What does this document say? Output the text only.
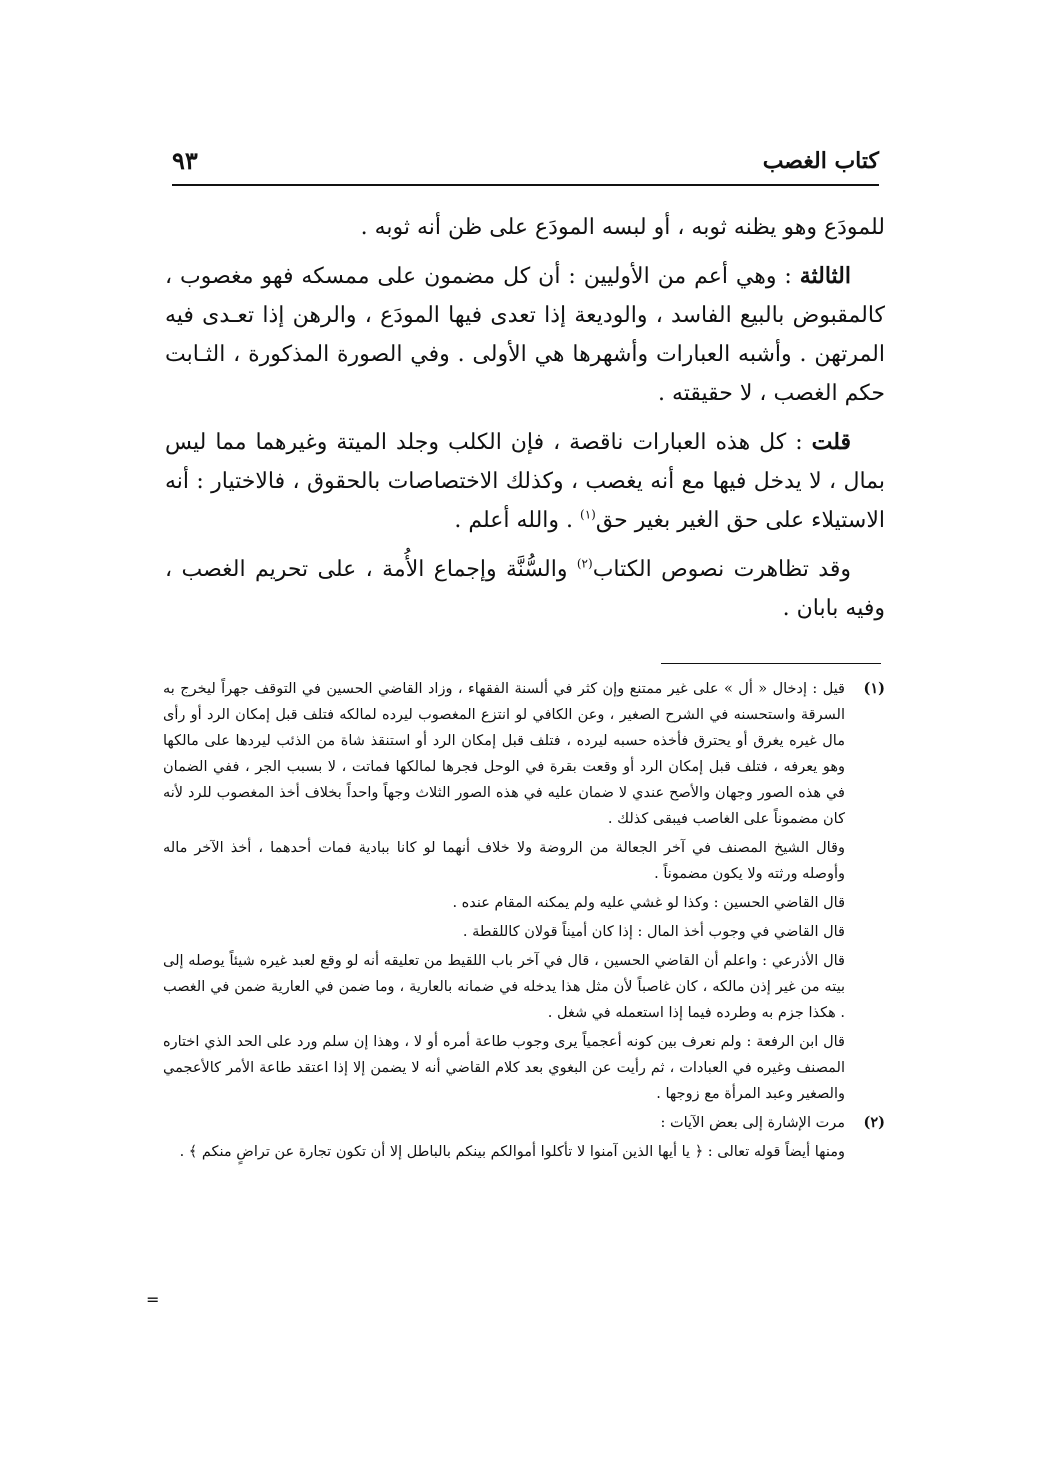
كتاب الغصب
٩٣

للمودَع وهو يظنه ثوبه ، أو لبسه المودَع على ظن أنه ثوبه .

الثالثة : وهي أعم من الأوليين : أن كل مضمون على ممسكه فهو مغصوب ، كالمقبوض بالبيع الفاسد ، والوديعة إذا تعدى فيها المودَع ، والرهن إذا تعـدى فيه المرتهن . وأشبه العبارات وأشهرها هي الأولى . وفي الصورة المذكورة ، الثـابت حكم الغصب ، لا حقيقته .

قلت : كل هذه العبارات ناقصة ، فإن الكلب وجلد الميتة وغيرهما مما ليس بمال ، لا يدخل فيها مع أنه يغصب ، وكذلك الاختصاصات بالحقوق ، فالاختيار : أنه الاستيلاء على حق الغير بغير حق$^{(١)}$ . والله أعلم .

وقد تظاهرت نصوص الكتاب$^{(٢)}$ والسُّنَّة وإجماع الأُمة ، على تحريم الغصب ، وفيه بابان .

(١)

قيل : إدخال « أل » على غير ممتنع وإن كثر في ألسنة الفقهاء ، وزاد القاضي الحسين في التوقف جهراً ليخرج به السرقة واستحسنه في الشرح الصغير ، وعن الكافي لو انتزع المغصوب ليرده لمالكه فتلف قبل إمكان الرد أو رأى مال غيره يغرق أو يحترق فأخذه حسبه ليرده ، فتلف قبل إمكان الرد أو استنقذ شاة من الذئب ليردها على مالكها وهو يعرفه ، فتلف قبل إمكان الرد أو وقعت بقرة في الوحل فجرها لمالكها فماتت ، لا بسبب الجر ، ففي الضمان في هذه الصور وجهان والأصح عندي لا ضمان عليه في هذه الصور الثلاث وجهاً واحداً بخلاف أخذ المغصوب للرد لأنه كان مضموناً على الغاصب فيبقى كذلك .

وقال الشيخ المصنف في آخر الجعالة من الروضة ولا خلاف أنهما لو كانا ببادية فمات أحدهما ، أخذ الآخر ماله وأوصله ورثته ولا يكون مضموناً .

قال القاضي الحسين : وكذا لو غشي عليه ولم يمكنه المقام عنده .

قال القاضي في وجوب أخذ المال : إذا كان أميناً قولان كاللقطة .

قال الأذرعي : واعلم أن القاضي الحسين ، قال في آخر باب اللقيط من تعليقه أنه لو وقع لعبد غيره شيئاً يوصله إلى بيته من غير إذن مالكه ، كان غاصباً لأن مثل هذا يدخله في ضمانه بالعارية ، وما ضمن في العارية ضمن في الغصب . هكذا جزم به وطرده فيما إذا استعمله في شغل .

قال ابن الرفعة : ولم نعرف بين كونه أعجمياً يرى وجوب طاعة أمره أو لا ، وهذا إن سلم ورد على الحد الذي اختاره المصنف وغيره في العبادات ، ثم رأيت عن البغوي بعد كلام القاضي أنه لا يضمن إلا إذا اعتقد طاعة الأمر كالأعجمي والصغير وعبد المرأة مع زوجها .

(٢)

مرت الإشارة إلى بعض الآيات :

ومنها أيضاً قوله تعالى : ﴿ يا أيها الذين آمنوا لا تأكلوا أموالكم بينكم بالباطل إلا أن تكون تجارة عن تراضٍ منكم ﴾ .

=
